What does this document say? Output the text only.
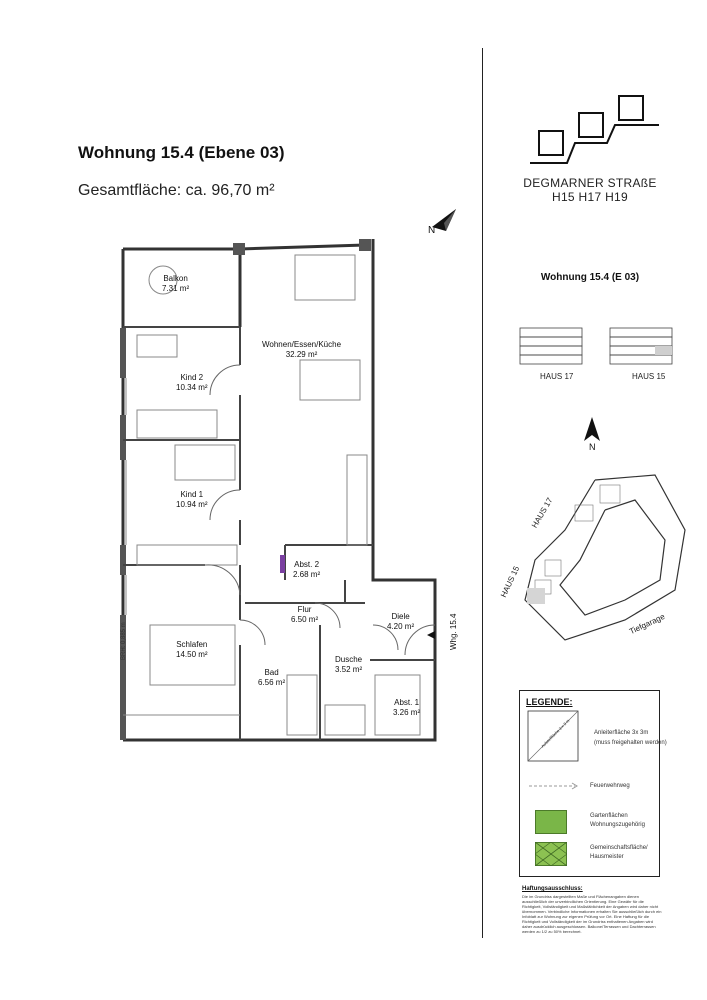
Wohnung 15.4 (Ebene 03)
Gesamtfläche: ca. 96,70 m²
N
Balkon
7.31 m²
Wohnen/Essen/Küche
32.29 m²
Kind 2
10.34 m²
Kind 1
10.94 m²
Abst. 2
2.68 m²
Flur
6.50 m²	Diele
4.20 m²
Schlafen
14.50 m²
Dusche
3.52 m²
Bad
6.56 m²
Abst. 1
3.26 m²
Whg. 15.4
BRH: 0,885 m
DEGMARNER STRAßE
H15 H17 H19
Wohnung 15.4 (E 03)
HAUS 17	HAUS 15
N
HAUS 17
HAUS 15
Tiefgarage
LEGENDE:
Aufstellfläche 3 x 3 m	Anleiterfläche 3x 3m
(muss freigehalten werden)
Feuerwehrweg
Gartenflächen
Wohnungszugehörig
Gemeinschaftsfläche/
Hausmeister
Haftungsausschluss:
Die im Grundriss dargestellten Maße und Flächenangaben dienen ausschließlich der unverbindlichen Orientierung. Eine Gewähr für die Richtigkeit, Vollständigkeit und Maßstäblichkeit der Angaben wird daher nicht übernommen. Verbindliche Informationen erhalten Sie ausschließlich durch ein Infoblatt zur Wohnung zur eigenen Prüfung vor Ort. Eine Haftung für die Richtigkeit und Vollständigkeit der im Grundriss enthaltenen Angaben wird daher ausdrücklich ausgeschlossen. Balkone/Terrassen und Dachterrassen werden zu 1/2 zu 50% berechnet.
